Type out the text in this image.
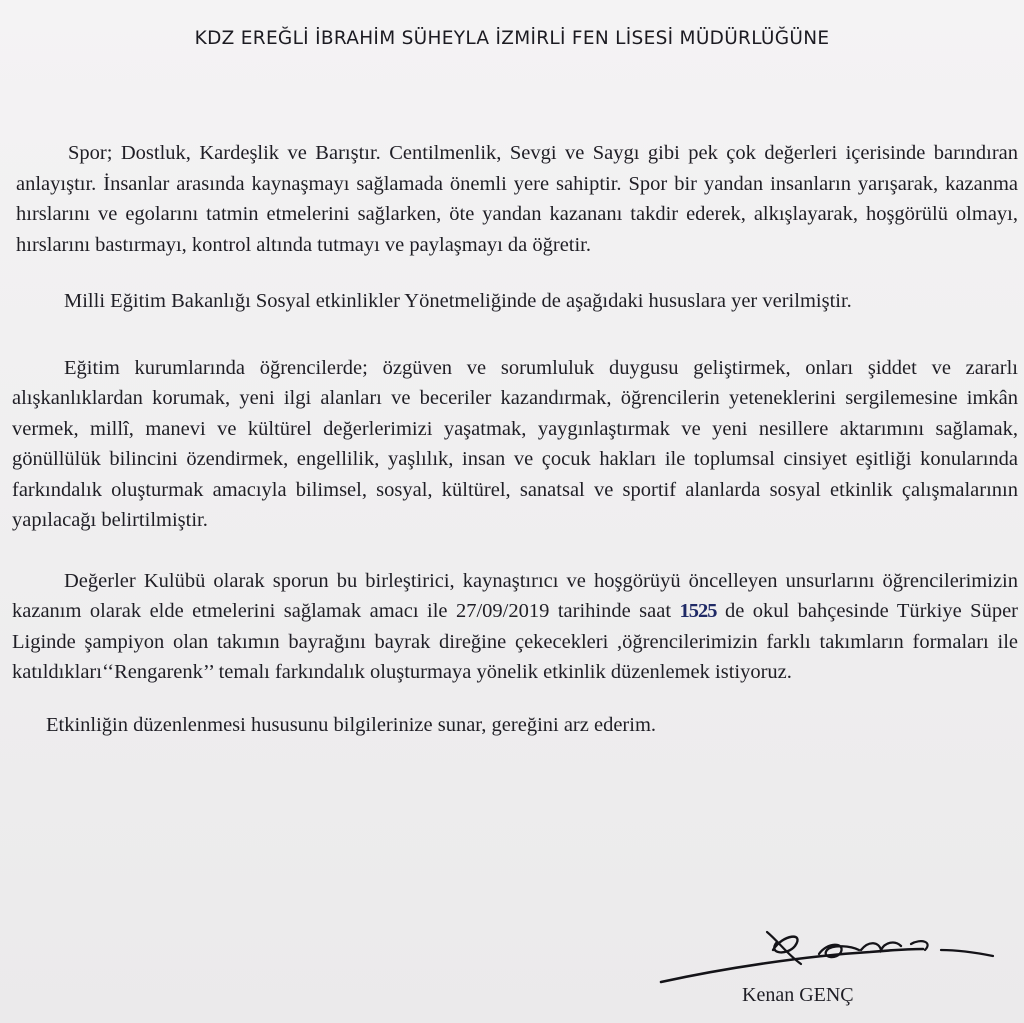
KDZ EREĞLİ İBRAHİM SÜHEYLA İZMİRLİ FEN LİSESİ MÜDÜRLÜĞÜNE

Spor; Dostluk, Kardeşlik ve Barıştır. Centilmenlik, Sevgi ve Saygı gibi pek çok değerleri içerisinde barındıran anlayıştır. İnsanlar arasında kaynaşmayı sağlamada önemli yere sahiptir. Spor bir yandan insanların yarışarak, kazanma hırslarını ve egolarını tatmin etmelerini sağlarken, öte yandan kazananı takdir ederek, alkışlayarak, hoşgörülü olmayı, hırslarını bastırmayı, kontrol altında tutmayı ve paylaşmayı da öğretir.

Milli Eğitim Bakanlığı Sosyal etkinlikler Yönetmeliğinde de aşağıdaki hususlara yer verilmiştir.

Eğitim kurumlarında öğrencilerde; özgüven ve sorumluluk duygusu geliştirmek, onları şiddet ve zararlı alışkanlıklardan korumak, yeni ilgi alanları ve beceriler kazandırmak, öğrencilerin yeteneklerini sergilemesine imkân vermek, millî, manevi ve kültürel değerlerimizi yaşatmak, yaygınlaştırmak ve yeni nesillere aktarımını sağlamak, gönüllülük bilincini özendirmek, engellilik, yaşlılık, insan ve çocuk hakları ile toplumsal cinsiyet eşitliği konularında farkındalık oluşturmak amacıyla bilimsel, sosyal, kültürel, sanatsal ve sportif alanlarda sosyal etkinlik çalışmalarının yapılacağı belirtilmiştir.

Değerler Kulübü olarak sporun bu birleştirici, kaynaştırıcı ve hoşgörüyü öncelleyen unsurlarını öğrencilerimizin kazanım olarak elde etmelerini sağlamak amacı ile 27/09/2019 tarihinde saat 1525 de okul bahçesinde Türkiye Süper Liginde şampiyon olan takımın bayrağını bayrak direğine çekecekleri ,öğrencilerimizin farklı takımların formaları ile katıldıkları‘‘Rengarenk’’ temalı farkındalık oluşturmaya yönelik etkinlik düzenlemek istiyoruz.

Etkinliğin düzenlenmesi hususunu bilgilerinize sunar, gereğini arz ederim.

Kenan GENÇ
